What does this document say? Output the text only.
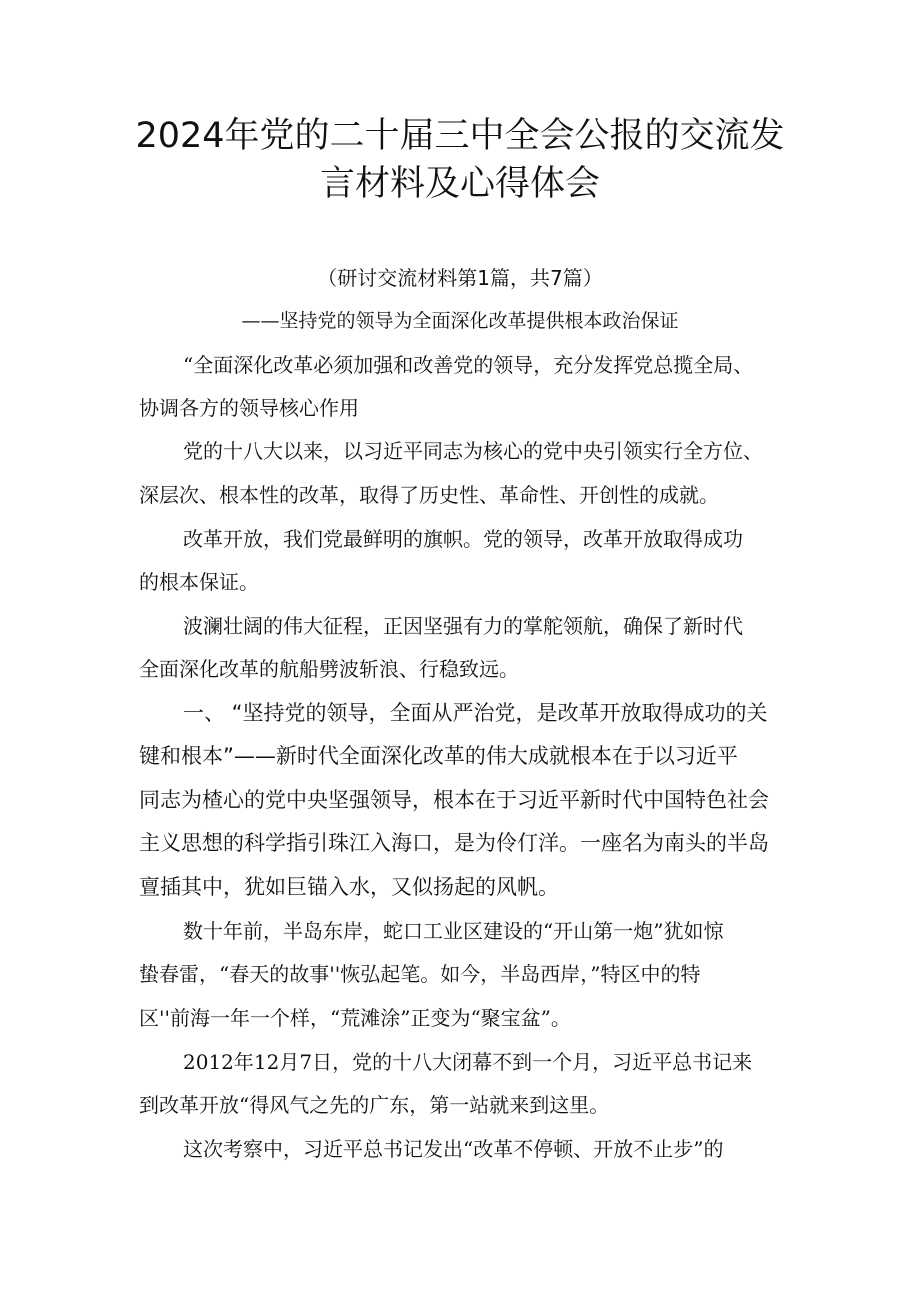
2024年党的二十届三中全会公报的交流发
言材料及心得体会
（研讨交流材料第1篇，共7篇）
——坚持党的领导为全面深化改革提供根本政治保证
“全面深化改革必须加强和改善党的领导，充分发挥党总揽全局、
协调各方的领导核心作用
党的十八大以来，以习近平同志为核心的党中央引领实行全方位、
深层次、根本性的改革，取得了历史性、革命性、开创性的成就。
改革开放，我们党最鲜明的旗帜。党的领导，改革开放取得成功
的根本保证。
波澜壮阔的伟大征程，正因坚强有力的掌舵领航，确保了新时代
全面深化改革的航船劈波斩浪、行稳致远。
一、 “坚持党的领导，全面从严治党，是改革开放取得成功的关
键和根本”——新时代全面深化改革的伟大成就根本在于以习近平
同志为楂心的党中央坚强领导，根本在于习近平新时代中国特色社会
主义思想的科学指引珠江入海口，是为伶仃洋。一座名为南头的半岛
亶插其中，犹如巨锚入水，又似扬起的风帆。
数十年前，半岛东岸，蛇口工业区建设的“开山第一炮”犹如惊
蛰春雷，“春天的故事''恢弘起笔。如今，半岛西岸，”特区中的特
区''前海一年一个样，“荒滩涂”正变为“聚宝盆”。
2012年12月7日，党的十八大闭幕不到一个月，习近平总书记来
到改革开放“得风气之先的广东，第一站就来到这里。
这次考察中，习近平总书记发出“改革不停顿、开放不止步”的
